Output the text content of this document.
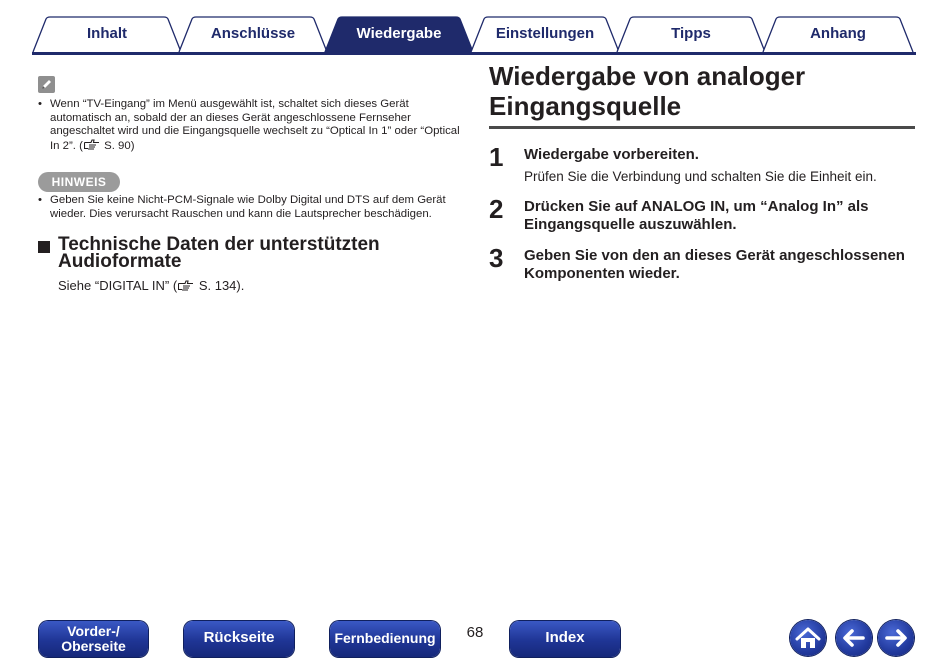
Inhalt	Anschlüsse	Wiedergabe	Einstellungen	Tipps	Anhang
• Wenn “TV-Eingang” im Menü ausgewählt ist, schaltet sich dieses Gerät automatisch an, sobald der an dieses Gerät angeschlossene Fernseher angeschaltet wird und die Eingangsquelle wechselt zu “Optical In 1” oder “Optical In 2”. ( S. 90)
HINWEIS
• Geben Sie keine Nicht-PCM-Signale wie Dolby Digital und DTS auf dem Gerät wieder. Dies verursacht Rauschen und kann die Lautsprecher beschädigen.
Technische Daten der unterstützten Audioformate
Siehe “DIGITAL IN” ( S. 134).
Wiedergabe von analoger Eingangsquelle
1 Wiedergabe vorbereiten.
Prüfen Sie die Verbindung und schalten Sie die Einheit ein.
2 Drücken Sie auf ANALOG IN, um “Analog In” als Eingangsquelle auszuwählen.
3 Geben Sie von den an dieses Gerät angeschlossenen Komponenten wieder.
Vorder-/
Oberseite	Rückseite	Fernbedienung	68	Index
